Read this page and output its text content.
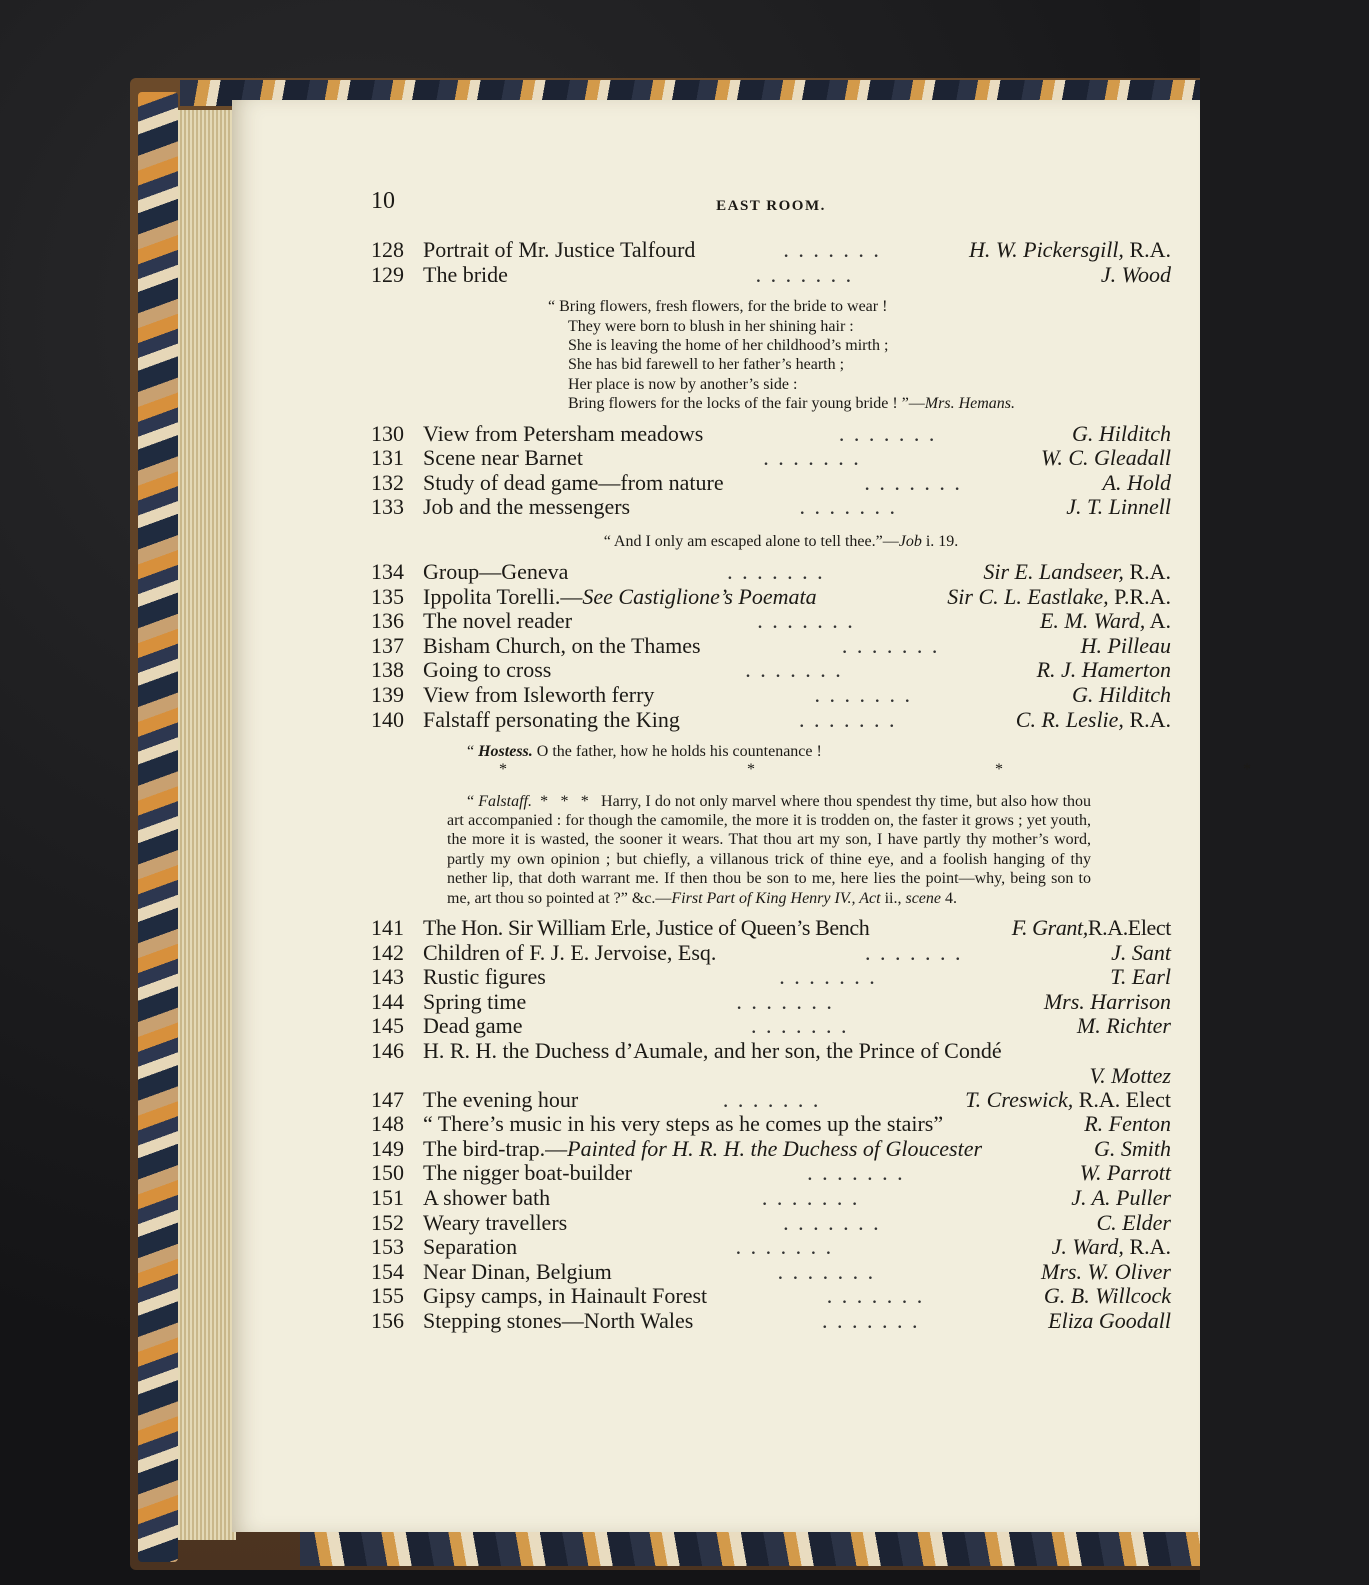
10	EAST ROOM.
128 Portrait of Mr. Justice Talfourd .	H. W. Pickersgill, R.A.
129 The bride .	J. Wood
“ Bring flowers, fresh flowers, for the bride to wear !
They were born to blush in her shining hair :
She is leaving the home of her childhood’s mirth ;
She has bid farewell to her father’s hearth ;
Her place is now by another’s side :
Bring flowers for the locks of the fair young bride ! ”—Mrs. Hemans.
130 View from Petersham meadows .	G. Hilditch
131 Scene near Barnet .	W. C. Gleadall
132 Study of dead game—from nature .	A. Hold
133 Job and the messengers .	J. T. Linnell
“ And I only am escaped alone to tell thee.”—Job i. 19.
134 Group—Geneva .	Sir E. Landseer, R.A.
135 Ippolita Torelli.—See Castiglione’s Poemata	Sir C. L. Eastlake, P.R.A.
136 The novel reader .	E. M. Ward, A.
137 Bisham Church, on the Thames .	H. Pilleau
138 Going to cross .	R. J. Hamerton
139 View from Isleworth ferry .	G. Hilditch
140 Falstaff personating the King .	C. R. Leslie, R.A.
“ Hostess. O the father, how he holds his countenance !
* * * *
“ Falstaff.  *   *   *   Harry, I do not only marvel where thou spendest thy time, but also how thou art accompanied : for though the camomile, the more it is trodden on, the faster it grows ; yet youth, the more it is wasted, the sooner it wears. That thou art my son, I have partly thy mother’s word, partly my own opinion ; but chiefly, a villanous trick of thine eye, and a foolish hanging of thy nether lip, that doth warrant me. If then thou be son to me, here lies the point—why, being son to me, art thou so pointed at ?” &c.—First Part of King Henry IV., Act ii., scene 4.
141 The Hon. Sir William Erle, Justice of Queen’s Bench	F. Grant,R.A.Elect
142 Children of F. J. E. Jervoise, Esq. .	J. Sant
143 Rustic figures .	T. Earl
144 Spring time .	Mrs. Harrison
145 Dead game .	M. Richter
146 H. R. H. the Duchess d’Aumale, and her son, the Prince of Condé
V. Mottez
147 The evening hour .	T. Creswick, R.A. Elect
148 “ There’s music in his very steps as he comes up the stairs”	R. Fenton
149 The bird-trap.—Painted for H. R. H. the Duchess of Gloucester	G. Smith
150 The nigger boat-builder .	W. Parrott
151 A shower bath .	J. A. Puller
152 Weary travellers .	C. Elder
153 Separation .	J. Ward, R.A.
154 Near Dinan, Belgium .	Mrs. W. Oliver
155 Gipsy camps, in Hainault Forest .	G. B. Willcock
156 Stepping stones—North Wales .	Eliza Goodall
